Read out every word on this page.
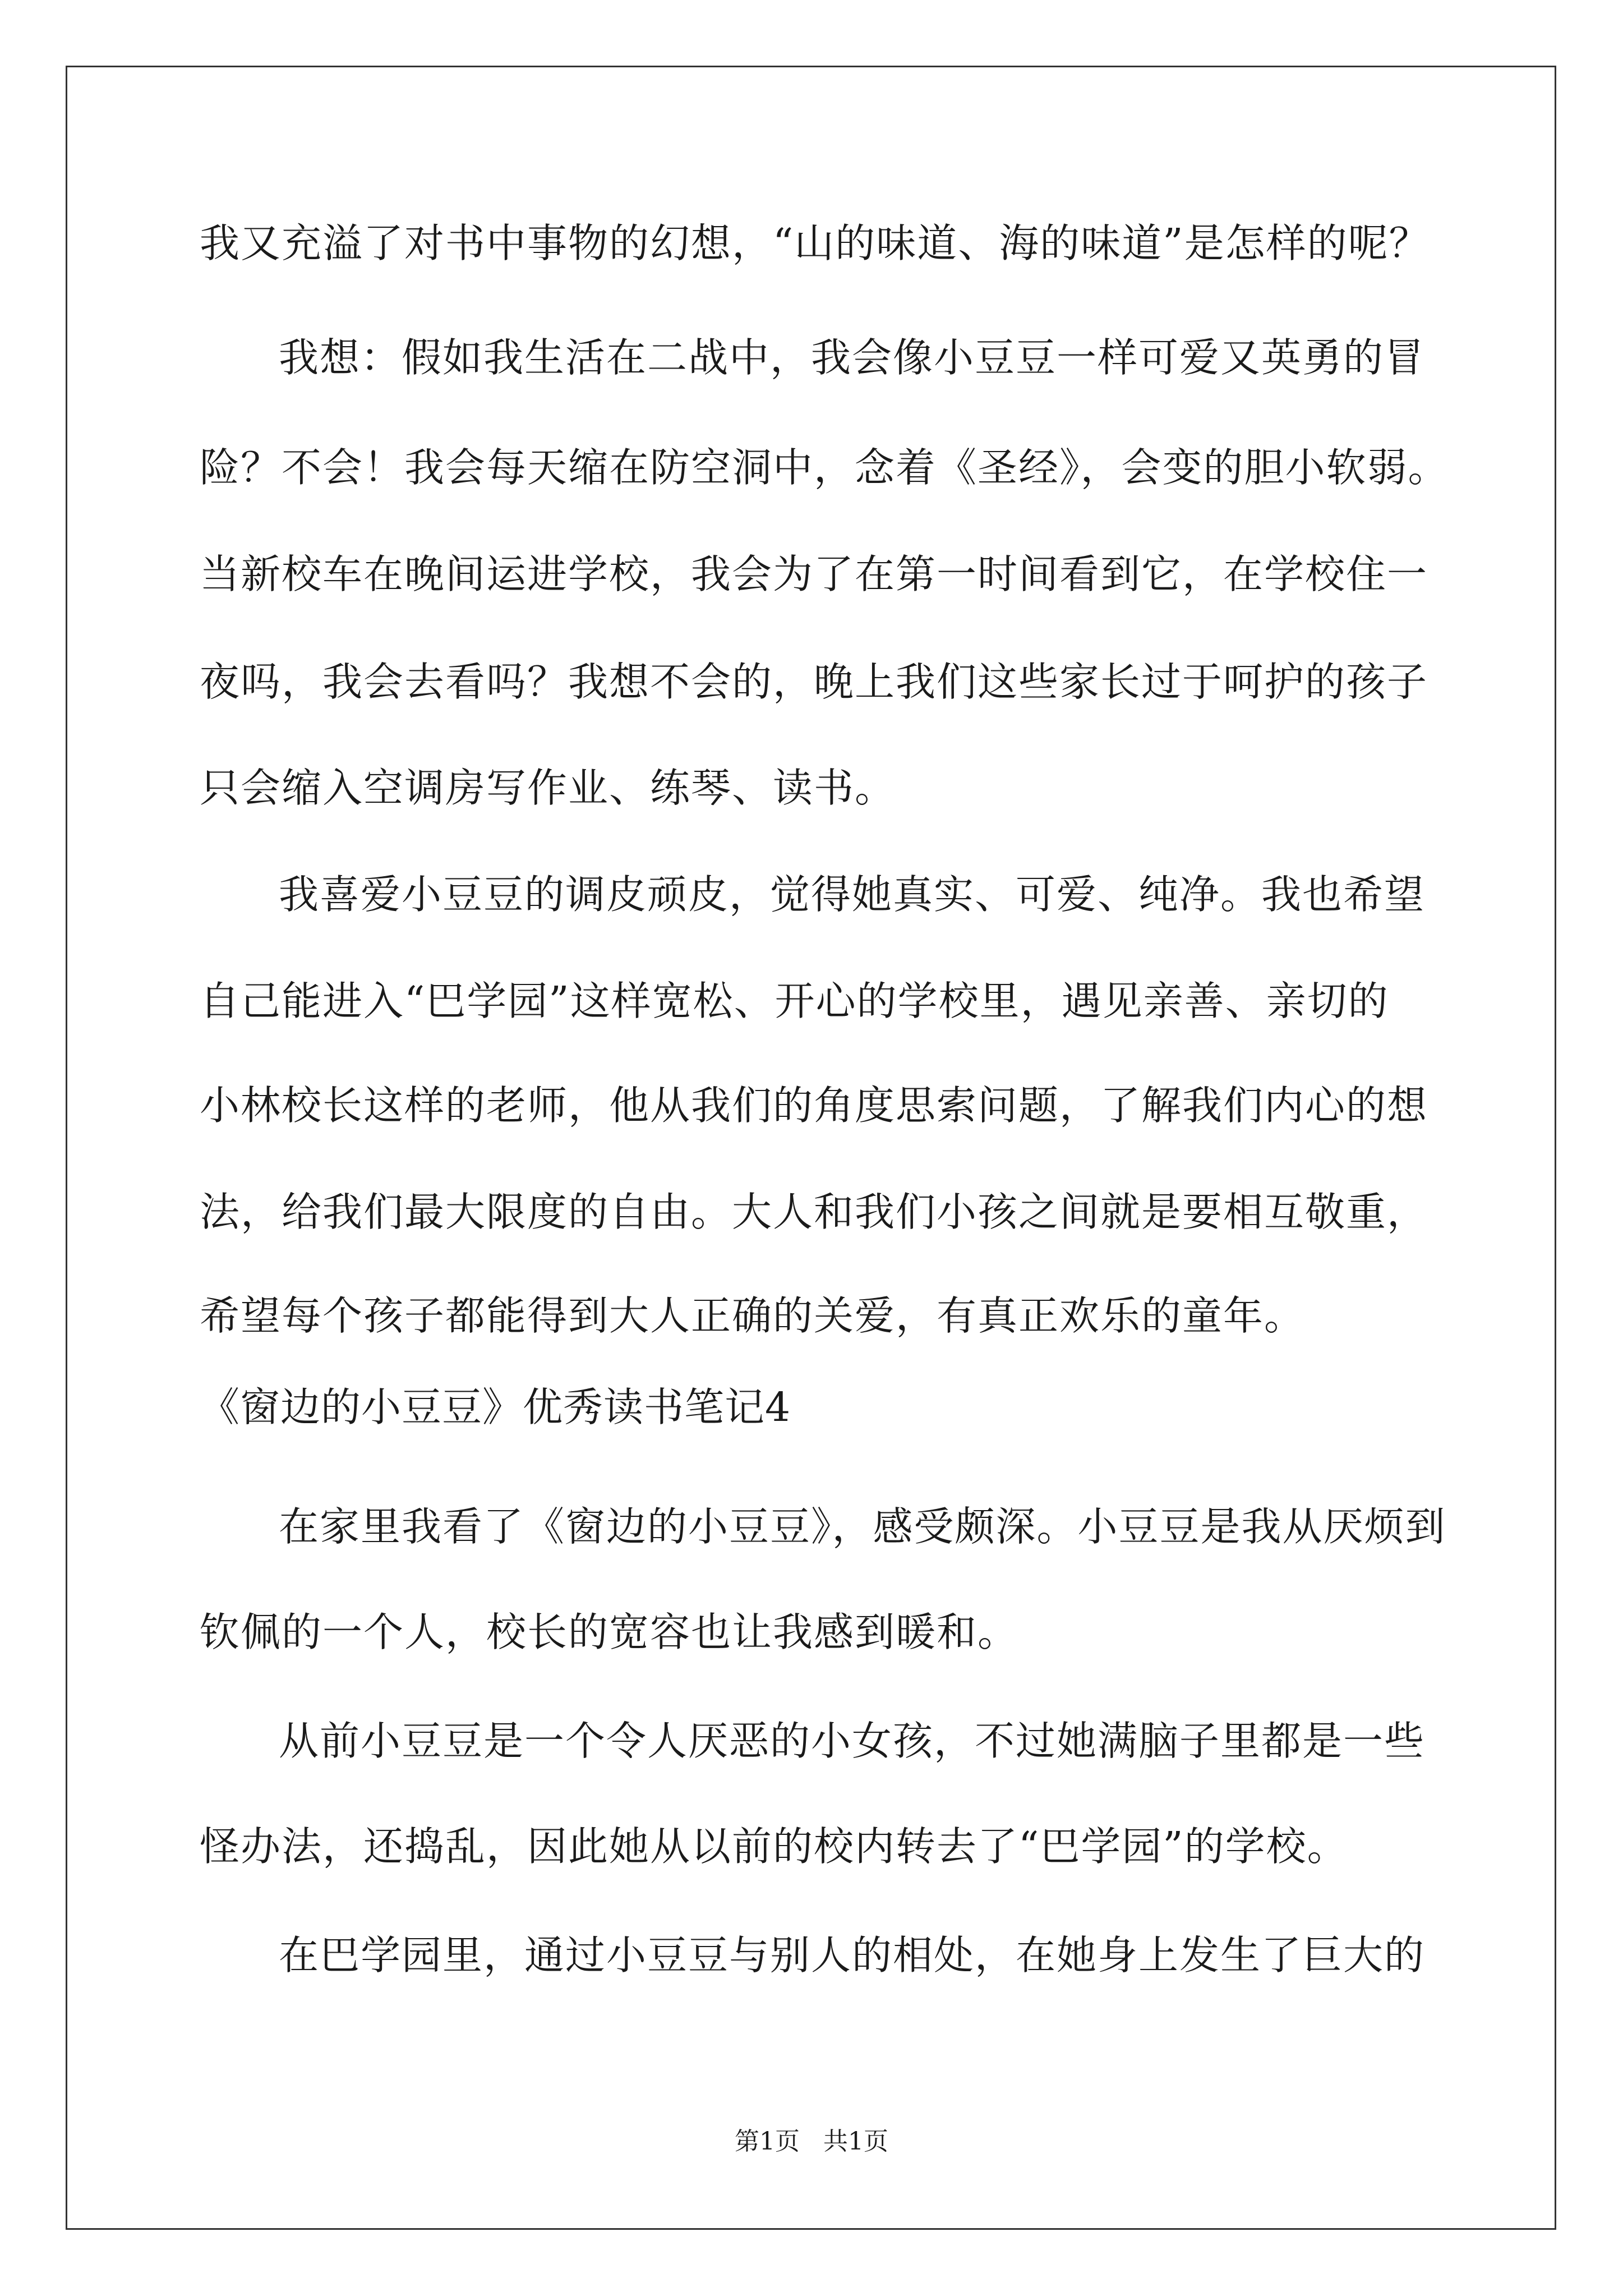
我又充溢了对书中事物的幻想，“山的味道、海的味道”是怎样的呢？
我想：假如我生活在二战中，我会像小豆豆一样可爱又英勇的冒
险？不会！我会每天缩在防空洞中，念着《圣经》，会变的胆小软弱。
当新校车在晚间运进学校，我会为了在第一时间看到它，在学校住一
夜吗，我会去看吗？我想不会的，晚上我们这些家长过于呵护的孩子
只会缩入空调房写作业、练琴、读书。
我喜爱小豆豆的调皮顽皮，觉得她真实、可爱、纯净。我也希望
自己能进入“巴学园”这样宽松、开心的学校里，遇见亲善、亲切的
小林校长这样的老师，他从我们的角度思索问题，了解我们内心的想
法，给我们最大限度的自由。大人和我们小孩之间就是要相互敬重，
希望每个孩子都能得到大人正确的关爱，有真正欢乐的童年。
《窗边的小豆豆》优秀读书笔记4
在家里我看了《窗边的小豆豆》，感受颇深。小豆豆是我从厌烦到
钦佩的一个人，校长的宽容也让我感到暖和。
从前小豆豆是一个令人厌恶的小女孩，不过她满脑子里都是一些
怪办法，还捣乱，因此她从以前的校内转去了“巴学园”的学校。
在巴学园里，通过小豆豆与别人的相处，在她身上发生了巨大的
第1页   共1页
